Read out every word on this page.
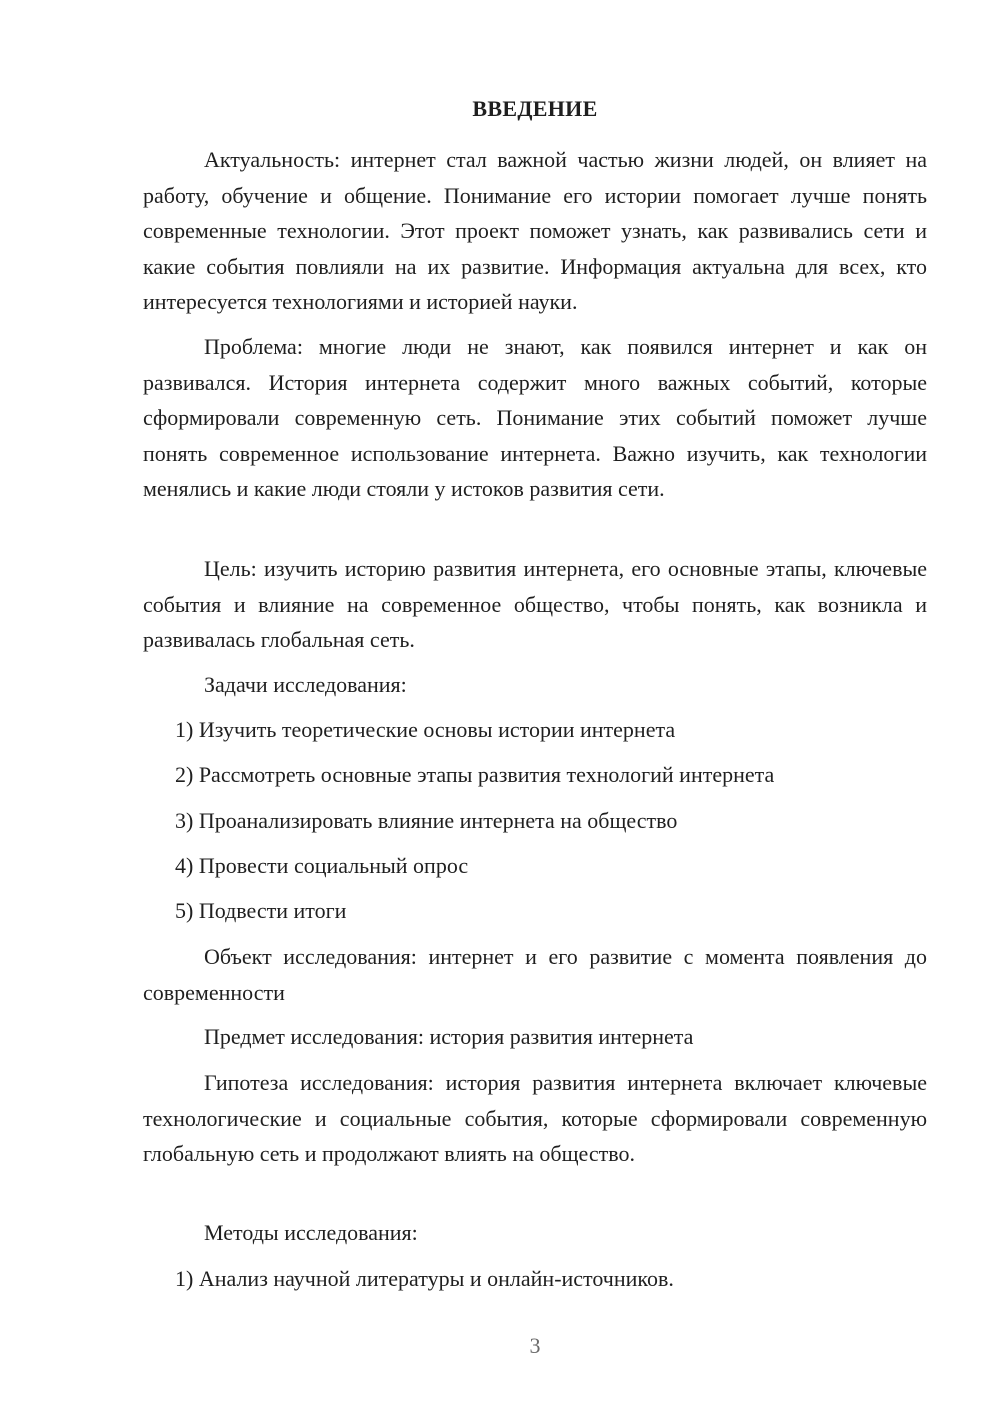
ВВЕДЕНИЕ
Актуальность: интернет стал важной частью жизни людей, он влияет на работу, обучение и общение. Понимание его истории помогает лучше понять современные технологии. Этот проект поможет узнать, как развивались сети и какие события повлияли на их развитие. Информация актуальна для всех, кто интересуется технологиями и историей науки.
Проблема: многие люди не знают, как появился интернет и как он развивался. История интернета содержит много важных событий, которые сформировали современную сеть. Понимание этих событий поможет лучше понять современное использование интернета. Важно изучить, как технологии менялись и какие люди стояли у истоков развития сети.
Цель: изучить историю развития интернета, его основные этапы, ключевые события и влияние на современное общество, чтобы понять, как возникла и развивалась глобальная сеть.
Задачи исследования:
1) Изучить теоретические основы истории интернета
2) Рассмотреть основные этапы развития технологий интернета
3) Проанализировать влияние интернета на общество
4) Провести социальный опрос
5) Подвести итоги
Объект исследования: интернет и его развитие с момента появления до современности
Предмет исследования: история развития интернета
Гипотеза исследования: история развития интернета включает ключевые технологические и социальные события, которые сформировали современную глобальную сеть и продолжают влиять на общество.
Методы исследования:
1) Анализ научной литературы и онлайн-источников.
3
